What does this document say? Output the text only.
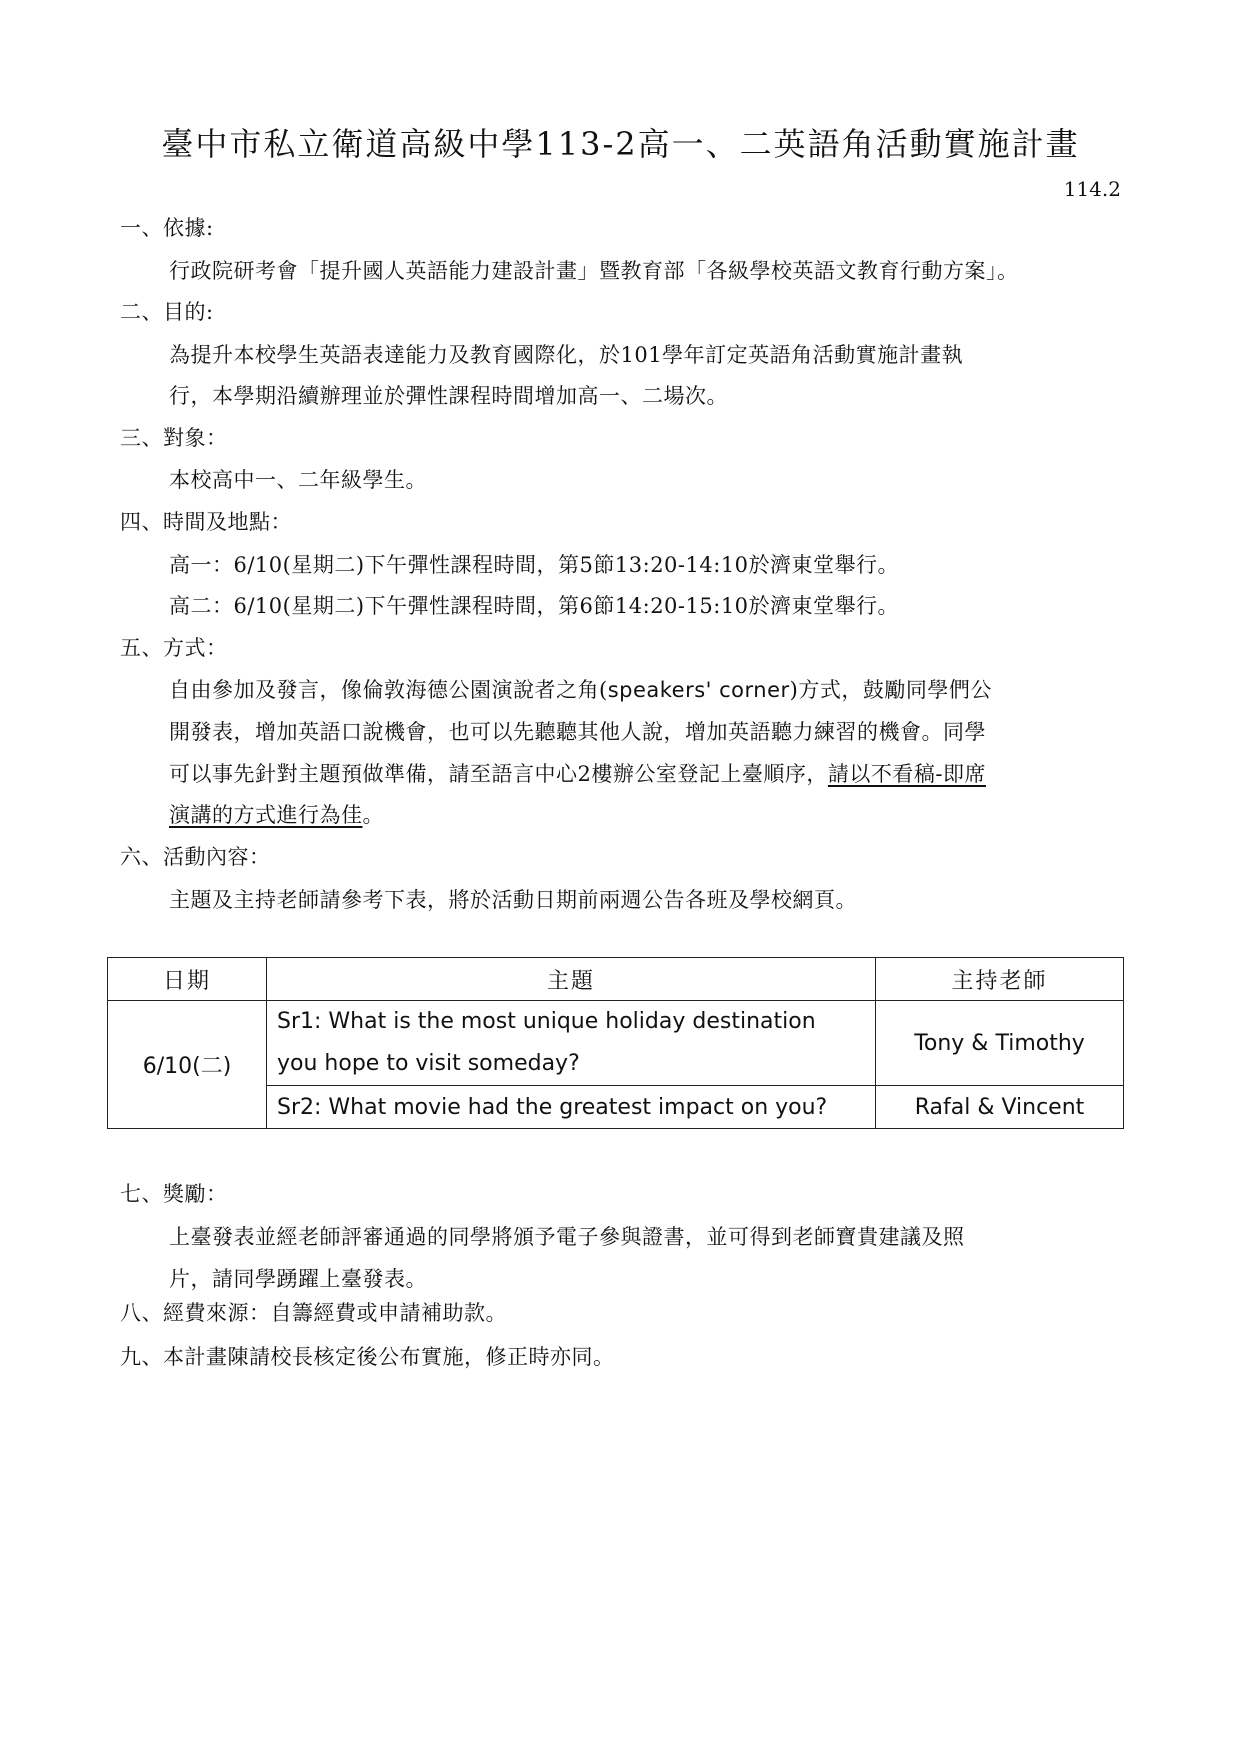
臺中市私立衛道高級中學113-2高一、二英語角活動實施計畫
114.2
一、依據:
行政院研考會「提升國人英語能力建設計畫」暨教育部「各級學校英語文教育行動方案」。
二、目的:
為提升本校學生英語表達能力及教育國際化，於101學年訂定英語角活動實施計畫執
行，本學期沿續辦理並於彈性課程時間增加高一、二場次。
三、對象：
本校高中一、二年級學生。
四、時間及地點：
高一：6/10(星期二)下午彈性課程時間，第5節13:20-14:10於濟東堂舉行。
高二：6/10(星期二)下午彈性課程時間，第6節14:20-15:10於濟東堂舉行。
五、方式：
自由參加及發言，像倫敦海德公園演說者之角(speakers' corner)方式，鼓勵同學們公
開發表，增加英語口說機會，也可以先聽聽其他人說，增加英語聽力練習的機會。同學
可以事先針對主題預做準備，請至語言中心2樓辦公室登記上臺順序，請以不看稿-即席
演講的方式進行為佳。
六、活動內容：
主題及主持老師請參考下表，將於活動日期前兩週公告各班及學校網頁。
日期	主題	主持老師
6/10(二)	Sr1: What is the most unique holiday destination
you hope to visit someday?	Tony & Timothy
	Sr2: What movie had the greatest impact on you?	Rafal & Vincent
七、獎勵：
上臺發表並經老師評審通過的同學將頒予電子參與證書，並可得到老師寶貴建議及照
片，請同學踴躍上臺發表。
八、經費來源：自籌經費或申請補助款。
九、本計畫陳請校長核定後公布實施，修正時亦同。
